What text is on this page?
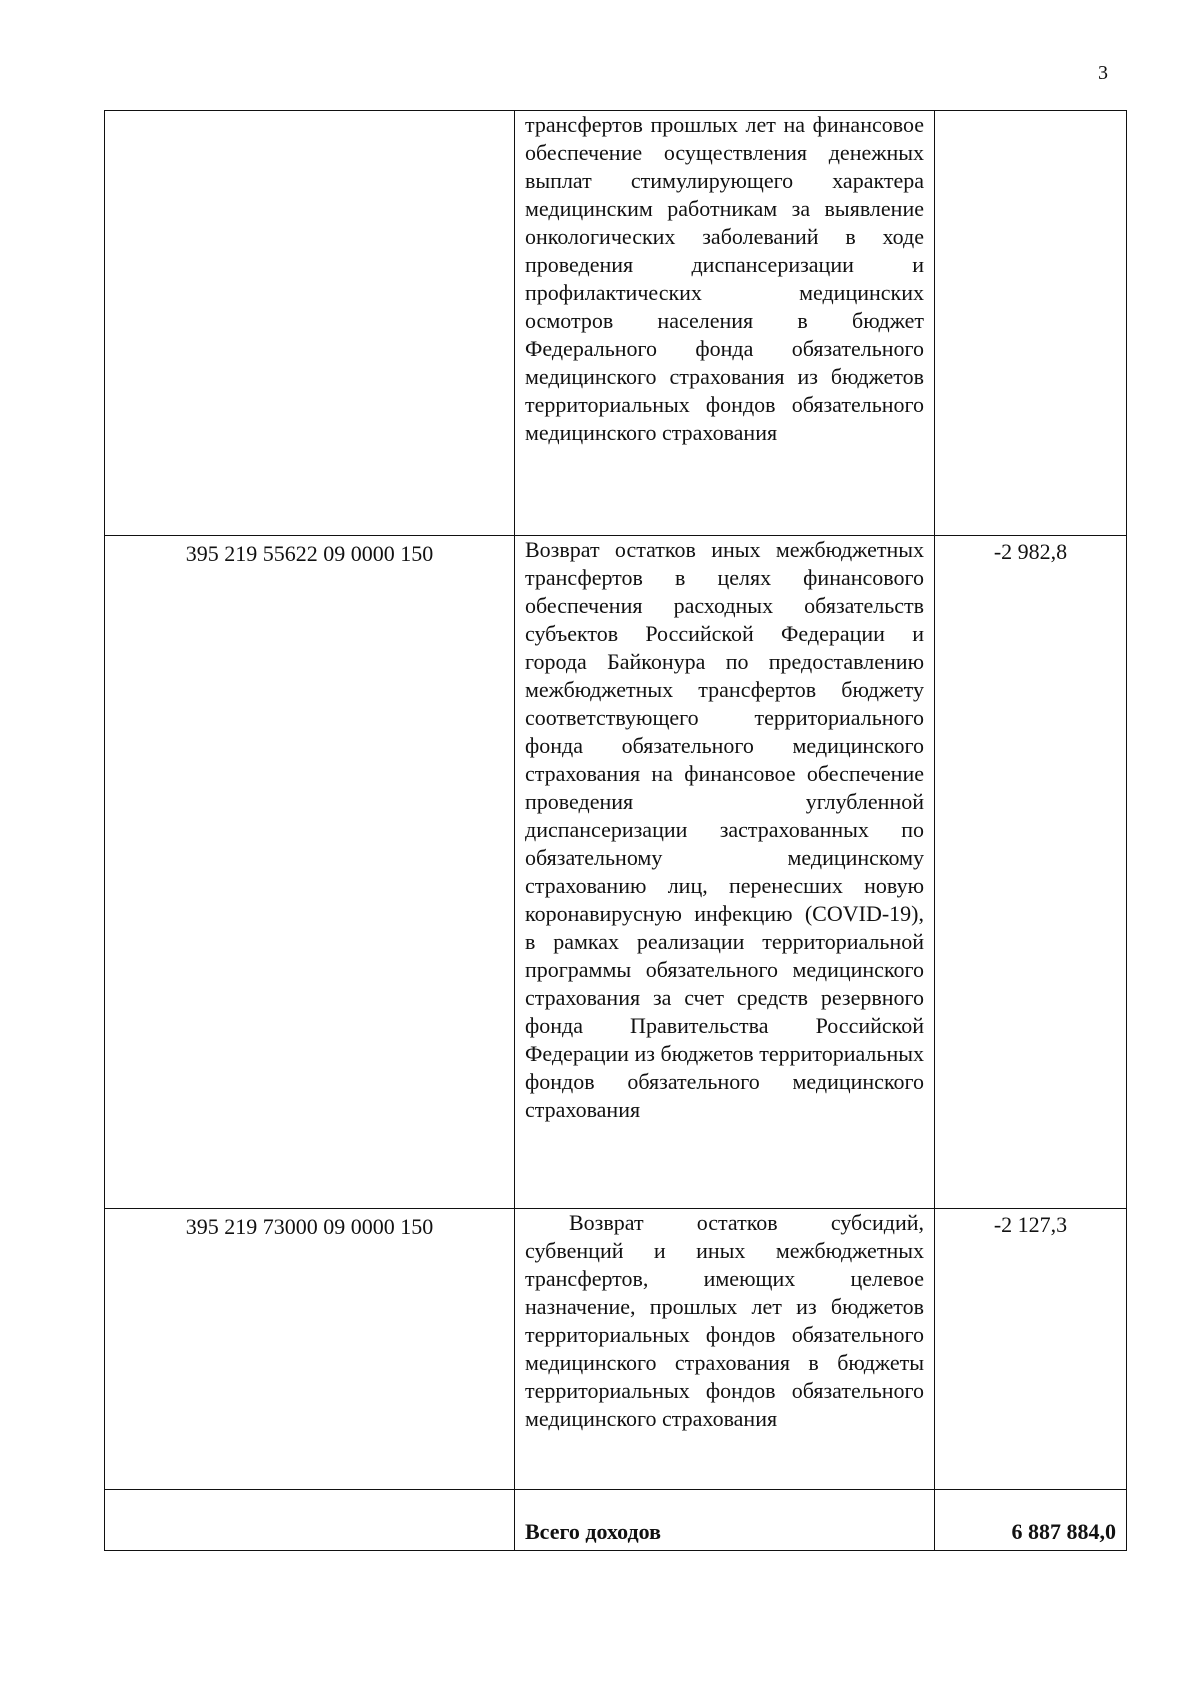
3
	трансфертов прошлых лет на финансовое обеспечение осуществления денежных выплат стимулирующего характера медицинским работникам за выявление онкологических заболеваний в ходе проведения диспансеризации и профилактических медицинских осмотров населения в бюджет Федерального фонда обязательного медицинского страхования из бюджетов территориальных фондов обязательного медицинского страхования	
395 219 55622 09 0000 150	Возврат остатков иных межбюджетных трансфертов в целях финансового обеспечения расходных обязательств субъектов Российской Федерации и города Байконура по предоставлению межбюджетных трансфертов бюджету соответствующего территориального фонда обязательного медицинского страхования на финансовое обеспечение проведения углубленной диспансеризации застрахованных по обязательному медицинскому страхованию лиц, перенесших новую коронавирусную инфекцию (COVID-19), в рамках реализации территориальной программы обязательного медицинского страхования за счет средств резервного фонда Правительства Российской Федерации из бюджетов территориальных фондов обязательного медицинского страхования	-2 982,8
395 219 73000 09 0000 150	Возврат остатков субсидий, субвенций и иных межбюджетных трансфертов, имеющих целевое назначение, прошлых лет из бюджетов территориальных фондов обязательного медицинского страхования в бюджеты территориальных фондов обязательного медицинского страхования	-2 127,3
	Всего доходов	6 887 884,0
